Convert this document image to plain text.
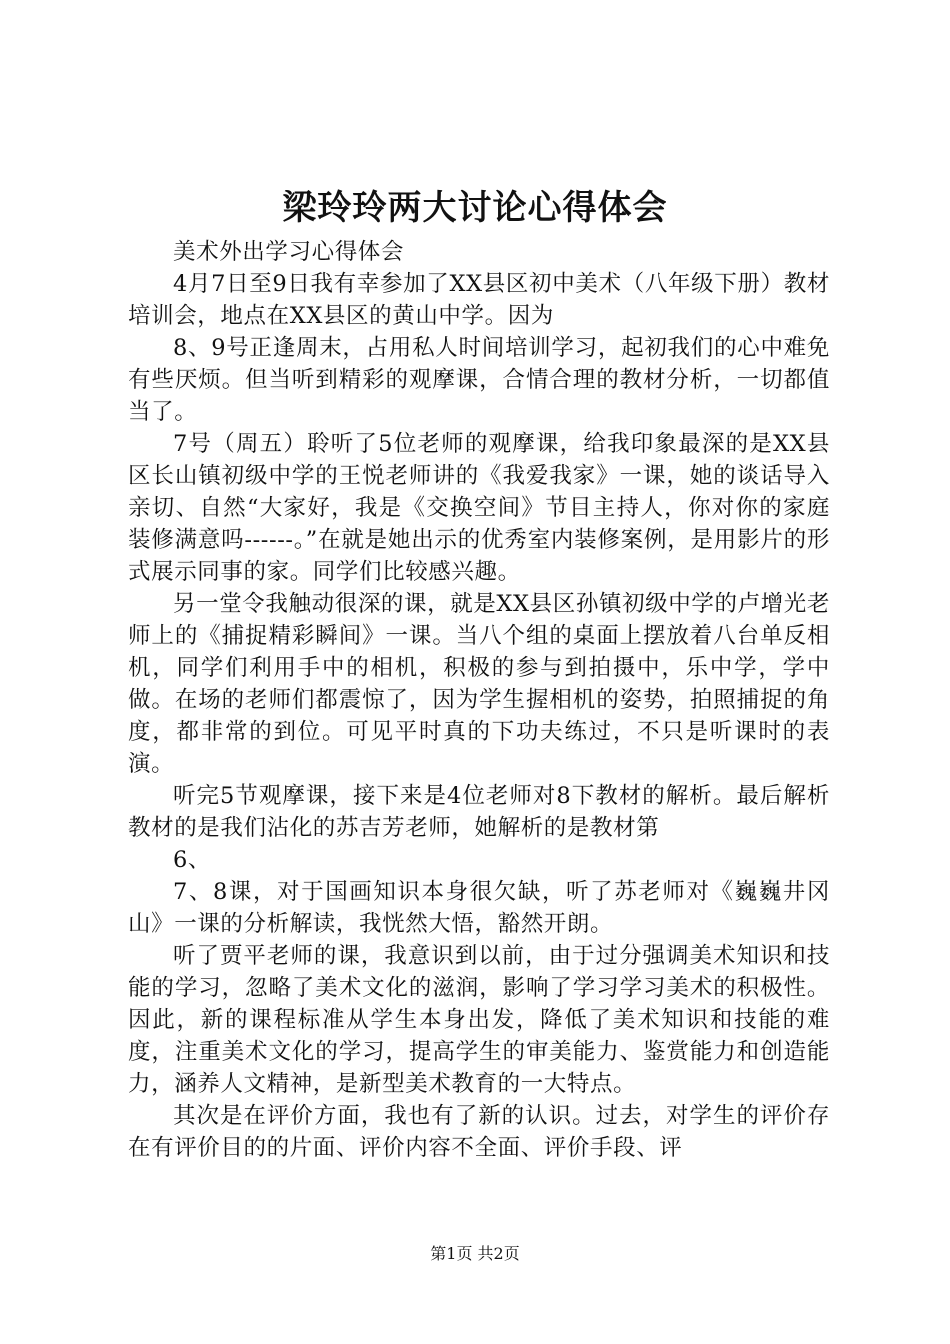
梁玲玲两大讨论心得体会

美术外出学习心得体会

4月7日至9日我有幸参加了XX县区初中美术（八年级下册）教材培训会，地点在XX县区的黄山中学。因为

8、9号正逢周末，占用私人时间培训学习，起初我们的心中难免有些厌烦。但当听到精彩的观摩课，合情合理的教材分析，一切都值当了。

7号（周五）聆听了5位老师的观摩课，给我印象最深的是XX县区长山镇初级中学的王悦老师讲的《我爱我家》一课，她的谈话导入亲切、自然“大家好，我是《交换空间》节目主持人，你对你的家庭装修满意吗------。”在就是她出示的优秀室内装修案例，是用影片的形式展示同事的家。同学们比较感兴趣。

另一堂令我触动很深的课，就是XX县区孙镇初级中学的卢增光老师上的《捕捉精彩瞬间》一课。当八个组的桌面上摆放着八台单反相机，同学们利用手中的相机，积极的参与到拍摄中，乐中学，学中做。在场的老师们都震惊了，因为学生握相机的姿势，拍照捕捉的角度，都非常的到位。可见平时真的下功夫练过，不只是听课时的表演。

听完5节观摩课，接下来是4位老师对8下教材的解析。最后解析教材的是我们沾化的苏吉芳老师，她解析的是教材第

6、

7、8课，对于国画知识本身很欠缺，听了苏老师对《巍巍井冈山》一课的分析解读，我恍然大悟，豁然开朗。

听了贾平老师的课，我意识到以前，由于过分强调美术知识和技能的学习，忽略了美术文化的滋润，影响了学习学习美术的积极性。因此，新的课程标准从学生本身出发，降低了美术知识和技能的难度，注重美术文化的学习，提高学生的审美能力、鉴赏能力和创造能力，涵养人文精神，是新型美术教育的一大特点。

其次是在评价方面，我也有了新的认识。过去，对学生的评价存在有评价目的的片面、评价内容不全面、评价手段、评

第1页 共2页
